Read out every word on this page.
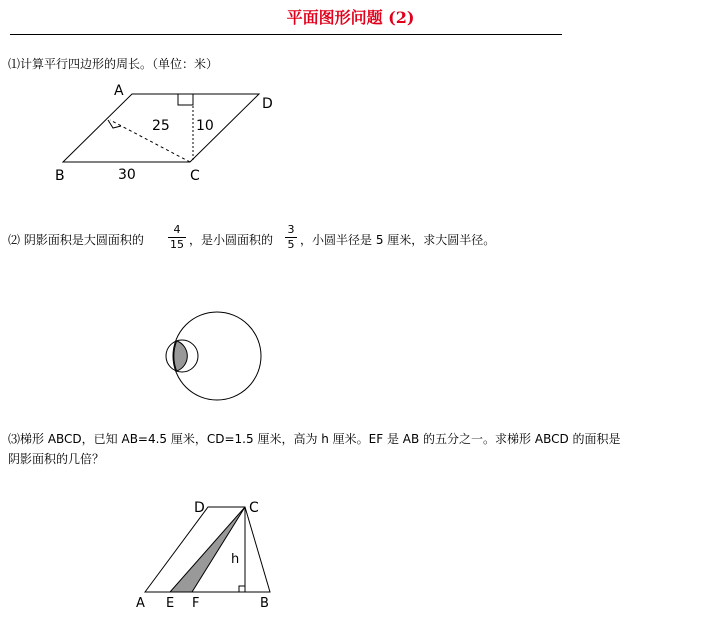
平面图形问题 (2)
⑴计算平行四边形的周长。（单位：米）
⑵ 阴影面积是大圆面积的
4
15 ，是小圆面积的
3
5 ，小圆半径是 5 厘米，求大圆半径。
⑶梯形 ABCD，已知 AB=4.5 厘米，CD=1.5 厘米，高为 h 厘米。EF 是 AB 的五分之一。求梯形 ABCD 的面积是
阴影面积的几倍？
A
D
B	C
25 10
30
D	C
A E F	B
h
